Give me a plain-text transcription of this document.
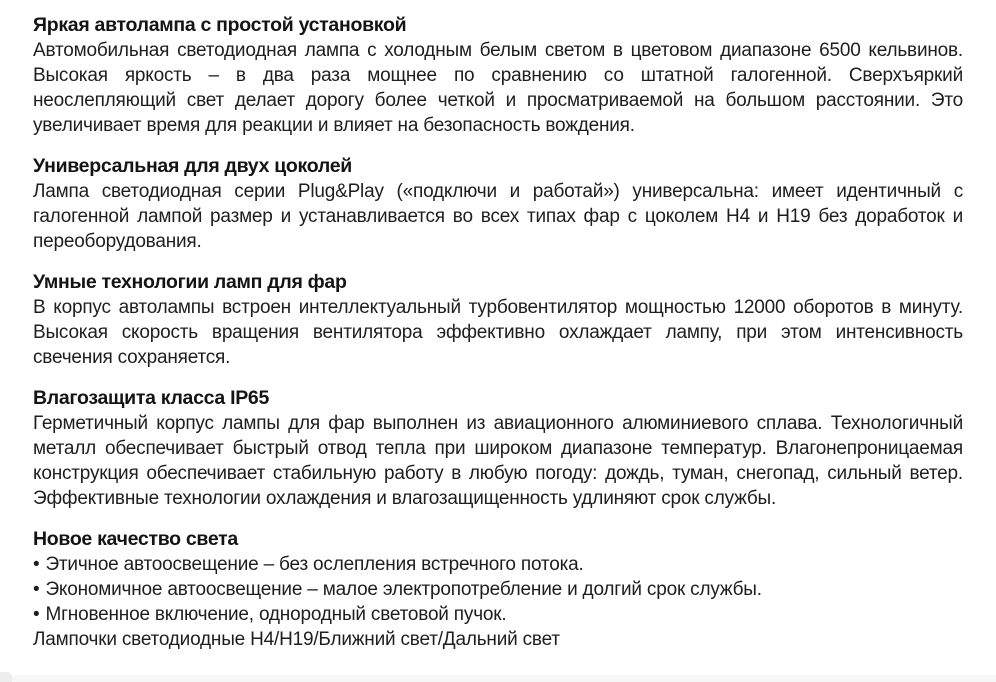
Яркая автолампа с простой установкой

Автомобильная светодиодная лампа с холодным белым светом в цветовом диапазоне 6500 кельвинов. Высокая яркость – в два раза мощнее по сравнению со штатной галогенной. Сверхъяркий неослепляющий свет делает дорогу более четкой и просматриваемой на большом расстоянии. Это увеличивает время для реакции и влияет на безопасность вождения.

Универсальная для двух цоколей

Лампа светодиодная серии Plug&Play («подключи и работай») универсальна: имеет идентичный с галогенной лампой размер и устанавливается во всех типах фар с цоколем H4 и H19 без доработок и переоборудования.

Умные технологии ламп для фар

В корпус автолампы встроен интеллектуальный турбовентилятор мощностью 12000 оборотов в минуту. Высокая скорость вращения вентилятора эффективно охлаждает лампу, при этом интенсивность свечения сохраняется.

Влагозащита класса IP65

Герметичный корпус лампы для фар выполнен из авиационного алюминиевого сплава. Технологичный металл обеспечивает быстрый отвод тепла при широком диапазоне температур. Влагонепроницаемая конструкция обеспечивает стабильную работу в любую погоду: дождь, туман, снегопад, сильный ветер. Эффективные технологии охлаждения и влагозащищенность удлиняют срок службы.

Новое качество света
• Этичное автоосвещение – без ослепления встречного потока.
• Экономичное автоосвещение – малое электропотребление и долгий срок службы.
• Мгновенное включение, однородный световой пучок.

Лампочки светодиодные H4/H19/Ближний свет/Дальний свет
